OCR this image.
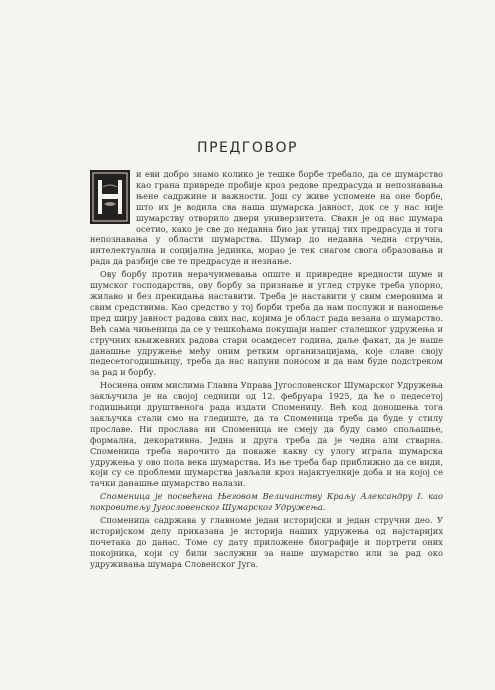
ПРЕДГОВОР

и еви добро знамо колико је тешке борбе требало, да се шумарство као грана привреде пробије кроз редове предрасуда и непознавања њене садржине и важности. Још су живе успомене на оне борбе, што их је водила сва наша шумарска јавност, док се у нас није шумарству отворило двери универзитета. Свакн је од нас шумара осетио, како је све до недавна био јак утицај тих предрасуда и тога непознавања у области шумарства. Шумар до недавна чедна стручна, интелектуална и социјална јединка, морао је тек снагом свога образовања и рада да разбије све те предрасуде и незнање.

Ову борбу против нерачунмевања опште и привредне вредности шуме и шумског господарства, ову борбу за признање и углед струке треба упорно, жилаво и без прекидања наставити. Треба је наставити у свим смеровима и свим средствима. Као средство у тој борби треба да нам послужи и наношење пред ширу јавност радова свих нас, којима је област рада везана о шумарство. Већ сама чињеница да се у тешкоћама покушаји нашег сталешког удружења и стручних књижевних радова стари осамдесет година, даље факат, да је наше данашње удружење међу оним ретким организацијама, које славе своју педесетогодишњицу, треба да нас напуни поносом и да нам буде подстреком за рад и борбу.

Носиена оним мислима Главна Управа Југословенског Шумарског Удружења закључила је на својој седници од 12. фебруара 1925, да ће о педесетој годишњици друштвенога рада издати Споменицу. Већ код доношења тога закључка стали смо на гледиште, да та Споменица треба да буде у стилу прославе. Ни прослава ни Споменица не смеју да буду само спољашње, формална, декоративна. Једна и друга треба да је чедна али стварна. Споменица треба нарочито да покаже какву су улогу играла шумарска удружења у ово пола века шумарства. Из ње треба бар приближно да се види, који су се проблеми шумарства јављали кроз најактуелније доба и на којој се тачки данашње шумарство налази.

Споменица је посвећена Његовом Величанству Краљу Александру I. као покровитељу Југословенског Шумарског Удружења.

Споменица садржава у главноме један историјски и један стручни део. У историјском делу приказана је историја наших удружења од најстаријих почетака до данас. Томе су дату приложене биографије и портрети оних покојника, који су били заслужни за наше шумарство или за рад око удруживања шумара Словенског Југа.
